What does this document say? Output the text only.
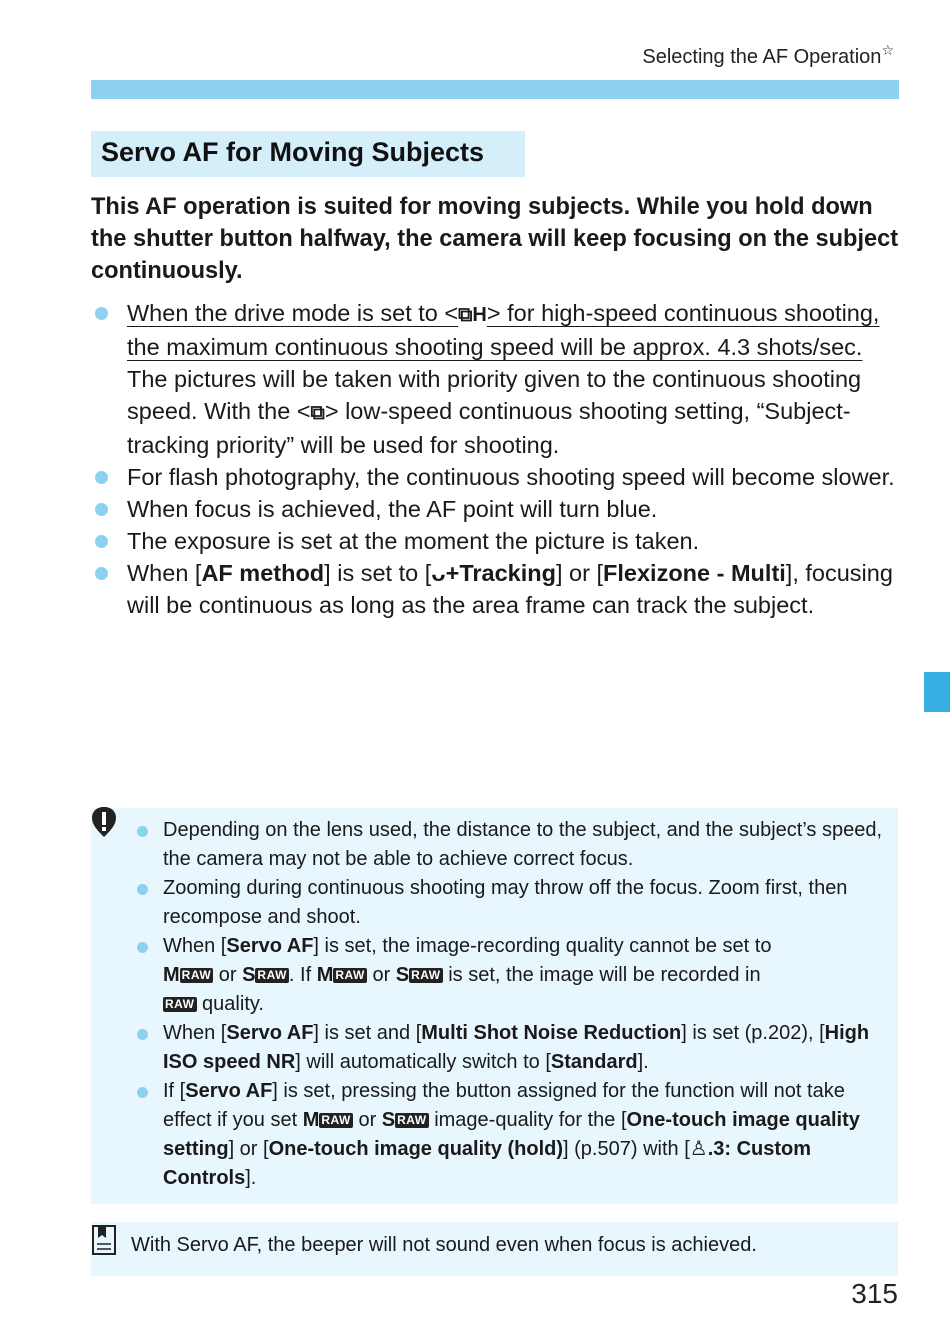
Selecting the AF Operation☆
Servo AF for Moving Subjects

This AF operation is suited for moving subjects. While you hold down the shutter button halfway, the camera will keep focusing on the subject continuously.

When the drive mode is set to <⧉H> for high-speed continuous shooting, the maximum continuous shooting speed will be approx. 4.3 shots/sec. The pictures will be taken with priority given to the continuous shooting speed. With the <⧉> low-speed continuous shooting setting, “Subject-tracking priority” will be used for shooting.
For flash photography, the continuous shooting speed will become slower.
When focus is achieved, the AF point will turn blue.
The exposure is set at the moment the picture is taken.
When [AF method] is set to [ᴗ+Tracking] or [Flexizone - Multi], focusing will be continuous as long as the area frame can track the subject.
Depending on the lens used, the distance to the subject, and the subject’s speed, the camera may not be able to achieve correct focus.
Zooming during continuous shooting may throw off the focus. Zoom first, then recompose and shoot.
When [Servo AF] is set, the image-recording quality cannot be set to
M RAW or S RAW . If M RAW or S RAW is set, the image will be recorded in
RAW quality.
When [Servo AF] is set and [Multi Shot Noise Reduction] is set (p.202), [High ISO speed NR] will automatically switch to [Standard].
If [Servo AF] is set, pressing the button assigned for the function will not take effect if you set M RAW or S RAW image-quality for the [One-touch image quality setting] or [One-touch image quality (hold)] (p.507) with [♙.3: Custom Controls].
With Servo AF, the beeper will not sound even when focus is achieved.
315
